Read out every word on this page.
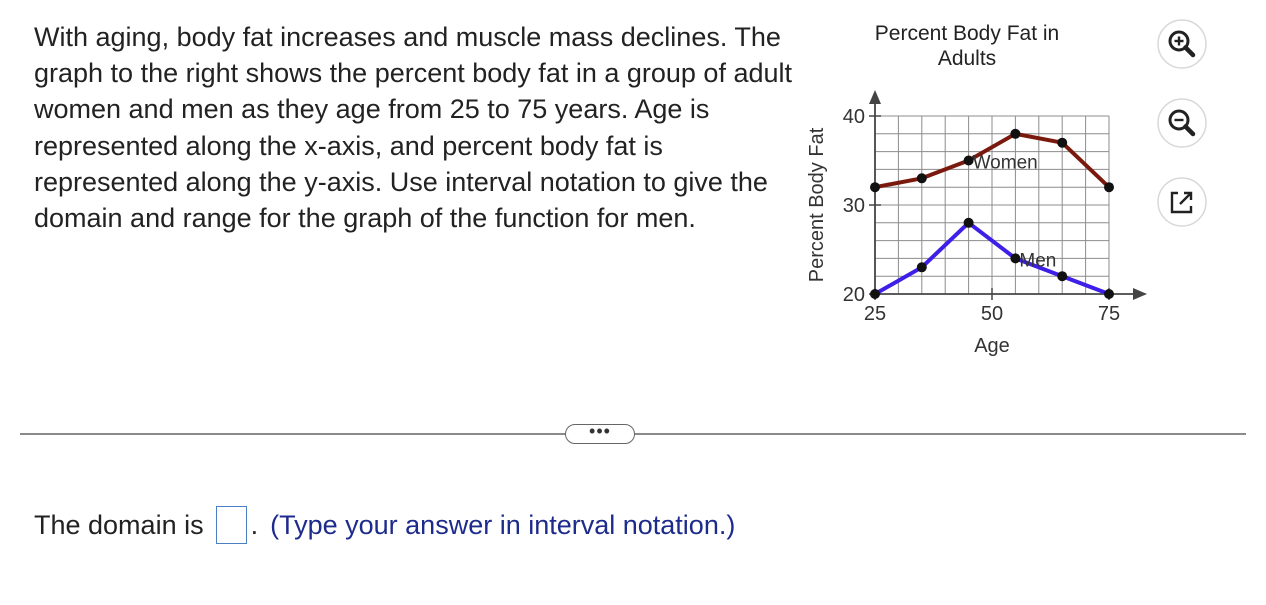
With aging, body fat increases and muscle mass declines. The graph to the right shows the percent body fat in a group of adult women and men as they age from 25 to 75 years. Age is represented along the x-axis, and percent body fat is represented along the y-axis. Use interval notation to give the domain and range for the graph of the function for men.

Percent Body Fat in
Adults
25	50	75
20
30
40
Age
Percent Body Fat	Women
Men
•••
The domain is . (Type your answer in interval notation.)
